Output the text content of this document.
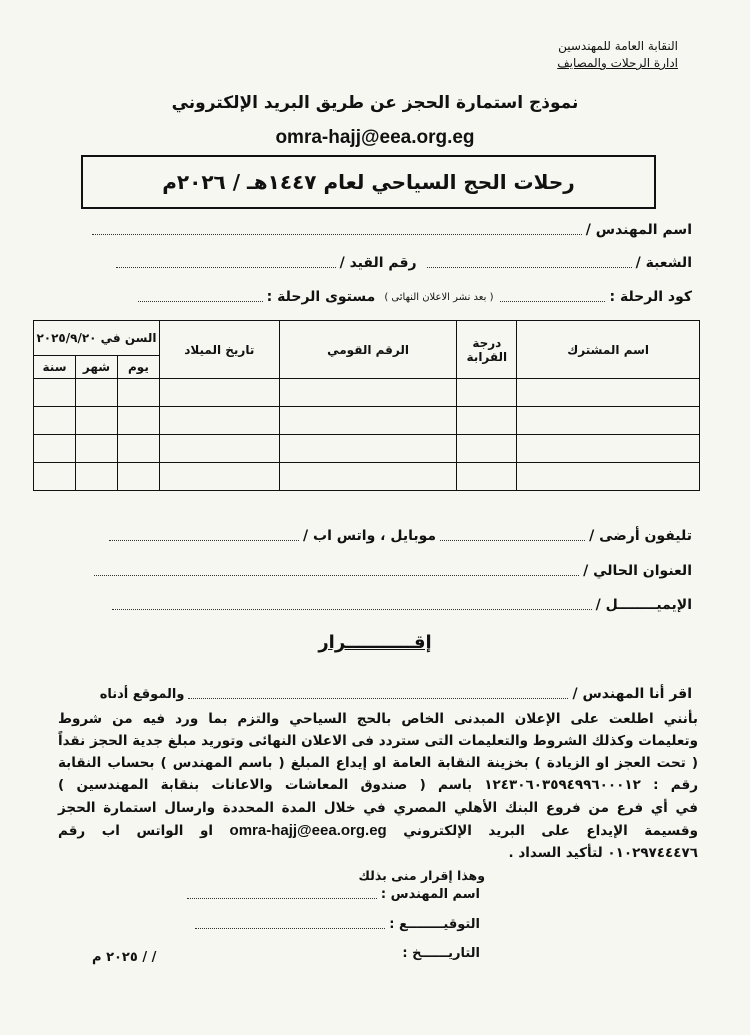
النقابة العامة للمهندسين
ادارة الرحلات والمصايف
نموذج استمارة الحجز عن طريق البريد الإلكتروني
omra-hajj@eea.org.eg
رحلات الحج السياحي لعام ١٤٤٧هـ / ٢٠٢٦م
اسم المهندس /
الشعبة /
رقم القيد /
كود الرحلة :
( بعد نشر الاعلان النهائى )
مستوى الرحلة :
اسم المشترك	درجة القرابة	الرقم القومي	تاريخ الميلاد	السن في ٢٠٢٥/٩/٢٠		
				يوم	شهر	سنة

تليفون أرضى /
موبايل ، واتس اب /
العنوان الحالي /
الإيميــــــــل /
إقـــــــــــرار
اقر أنا المهندس /
والموقع أدناه
بأنني اطلعت على الإعلان المبدنى الخاص بالحج السياحي والتزم بما ورد فيه من شروط
وتعليمات وكذلك الشروط والتعليمات التى ستردد فى الاعلان النهائى وتوريد مبلغ جدية الحجز نقداً
( تحت العجز او الزيادة ) بخزينة النقابة العامة او إيداع المبلغ ( باسم المهندس ) بحساب النقابة
رقم : ١٢٤٣٠٦٠٣٥٩٤٩٩٦٠٠٠١٢ باسم ( صندوق المعاشات والاعانات بنقابة المهندسين )
في أي فرع من فروع البنك الأهلي المصري في خلال المدة المحددة وارسال استمارة الحجز
وقسيمة الإيداع على البريد الإلكتروني omra-hajj@eea.org.eg او الواتس اب رقم
٠١٠٢٩٧٤٤٤٧٦ لتأكيد السداد .
وهذا إقرار منى بذلك
اسم المهندس :
التوقيــــــــع :
التاريــــــخ :
/ / ٢٠٢٥ م
